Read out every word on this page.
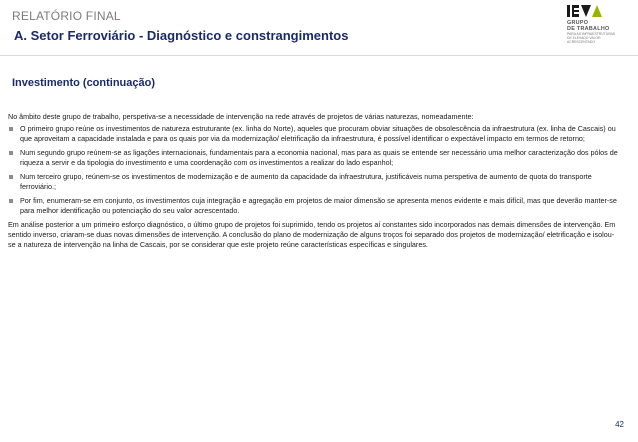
RELATÓRIO FINAL
A. Setor Ferroviário - Diagnóstico e constrangimentos
GRUPO
DE TRABALHO
PARA AS INFRAESTRUTURAS
DE ELEVADO VALOR
ACRESCENTADO
Investimento (continuação)

No âmbito deste grupo de trabalho, perspetiva-se a necessidade de intervenção na rede através de projetos de várias naturezas, nomeadamente:

O primeiro grupo reúne os investimentos de natureza estruturante (ex. linha do Norte), aqueles que procuram obviar situações de obsolescência da infraestrutura (ex. linha de Cascais) ou que aproveitam a capacidade instalada e para os quais por via da modernização/ eletrificação da infraestrutura, é possível identificar o expectável impacto em termos de retorno;
Num segundo grupo reúnem-se as ligações internacionais, fundamentais para a economia nacional, mas para as quais se entende ser necessário uma melhor caracterização dos pólos de riqueza a servir e da tipologia do investimento e uma coordenação com os investimentos a realizar do lado espanhol;
Num terceiro grupo, reúnem-se os investimentos de modernização e de aumento da capacidade da infraestrutura, justificáveis numa perspetiva de aumento de quota do transporte ferroviário.;
Por fim, enumeram-se em conjunto, os investimentos cuja integração e agregação em projetos de maior dimensão se apresenta menos evidente e mais difícil, mas que deverão manter-se para melhor identificação ou potenciação do seu valor acrescentado.

Em análise posterior a um primeiro esforço diagnóstico, o último grupo de projetos foi suprimido, tendo os projetos aí constantes sido incorporados nas demais dimensões de intervenção. Em sentido inverso, criaram-se duas novas dimensões de intervenção. A conclusão do plano de modernização de alguns troços foi separado dos projetos de modernização/ eletrificação e isolou-se a natureza de intervenção na linha de Cascais, por se considerar que este projeto reúne características específicas e singulares.

42
